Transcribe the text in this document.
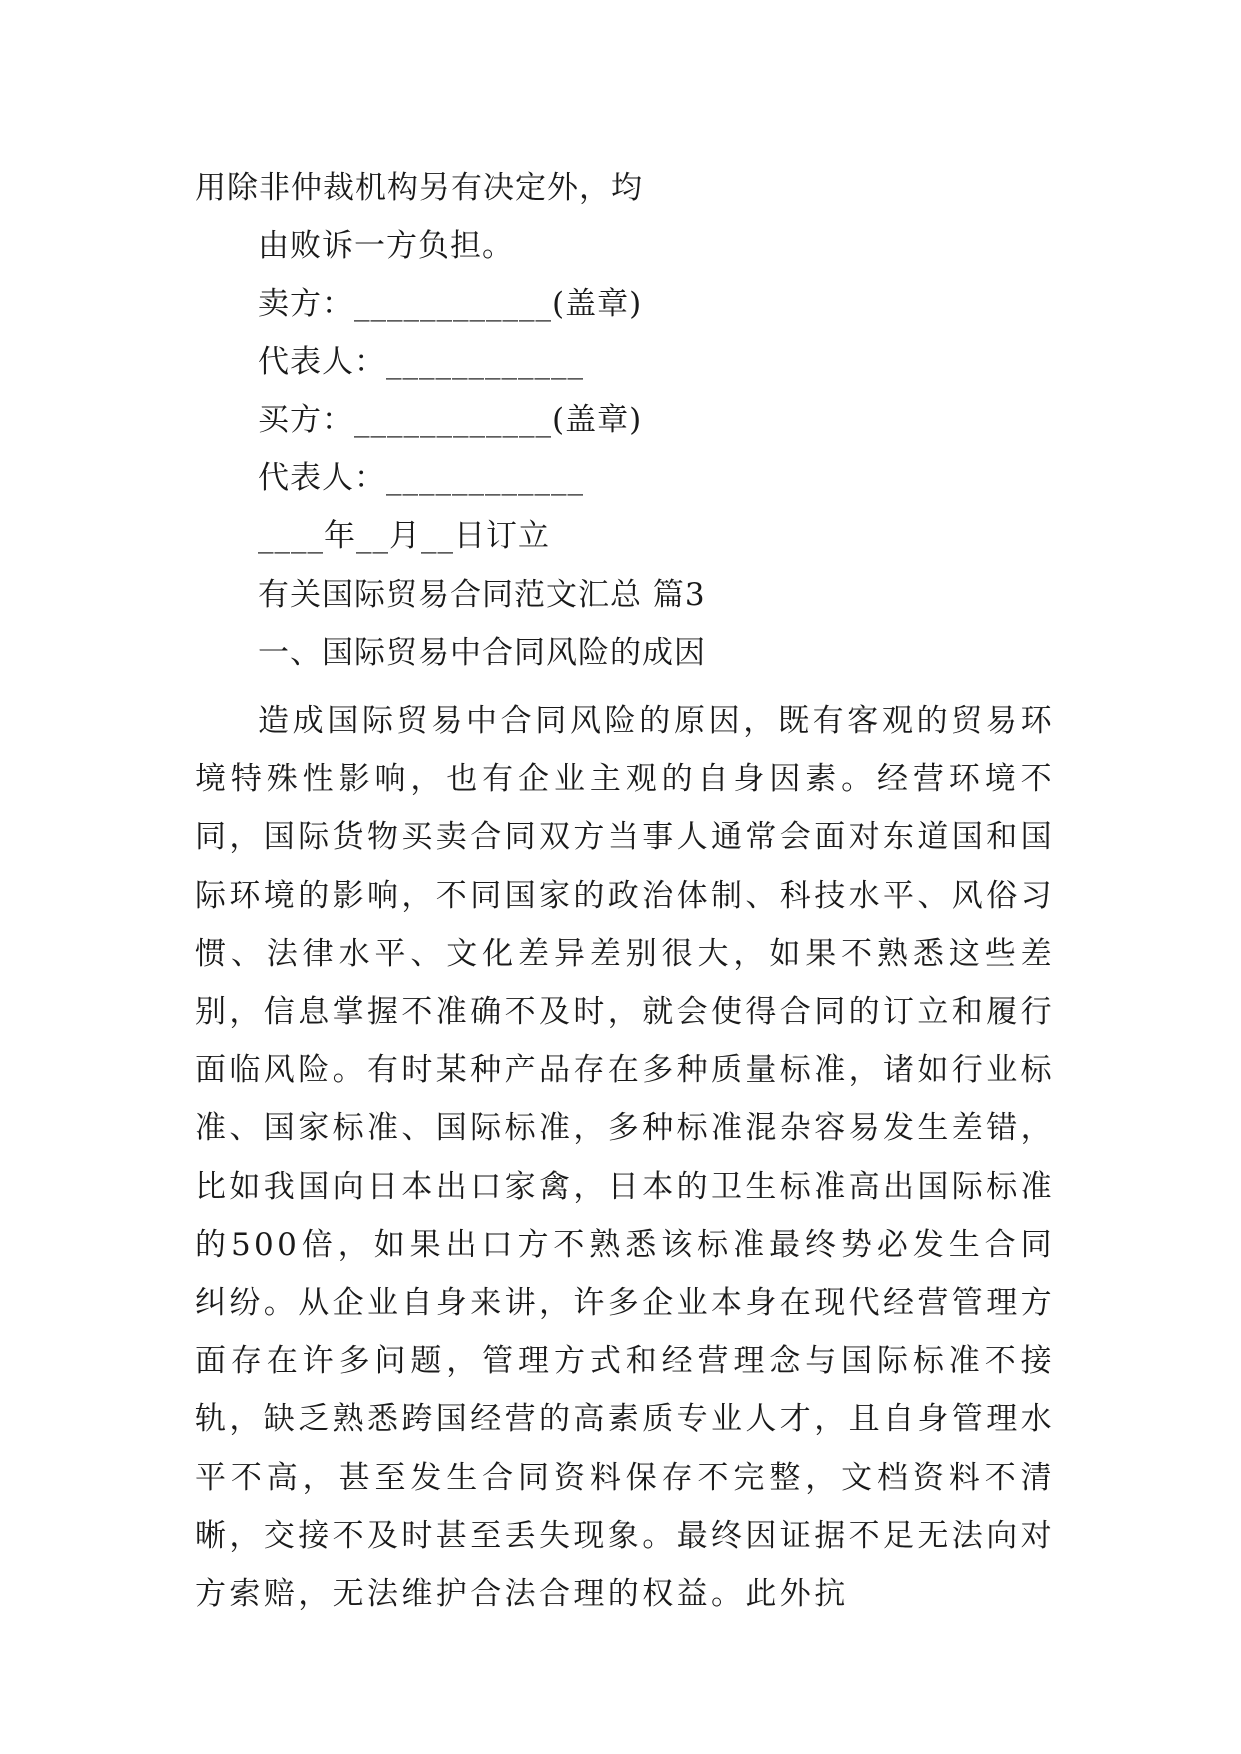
用除非仲裁机构另有决定外，均
由败诉一方负担。
卖方：____________(盖章)
代表人：____________
买方：____________(盖章)
代表人：____________
____年__月__日订立
有关国际贸易合同范文汇总 篇3
一、国际贸易中合同风险的成因

造成国际贸易中合同风险的原因，既有客观的贸易环境特殊性影响，也有企业主观的自身因素。经营环境不同，国际货物买卖合同双方当事人通常会面对东道国和国际环境的影响，不同国家的政治体制、科技水平、风俗习惯、法律水平、文化差异差别很大，如果不熟悉这些差别，信息掌握不准确不及时，就会使得合同的订立和履行面临风险。有时某种产品存在多种质量标准，诸如行业标准、国家标准、国际标准，多种标准混杂容易发生差错，比如我国向日本出口家禽，日本的卫生标准高出国际标准的500倍，如果出口方不熟悉该标准最终势必发生合同纠纷。从企业自身来讲，许多企业本身在现代经营管理方面存在许多问题，管理方式和经营理念与国际标准不接轨，缺乏熟悉跨国经营的高素质专业人才，且自身管理水平不高，甚至发生合同资料保存不完整，文档资料不清晰，交接不及时甚至丢失现象。最终因证据不足无法向对方索赔，无法维护合法合理的权益。此外抗
